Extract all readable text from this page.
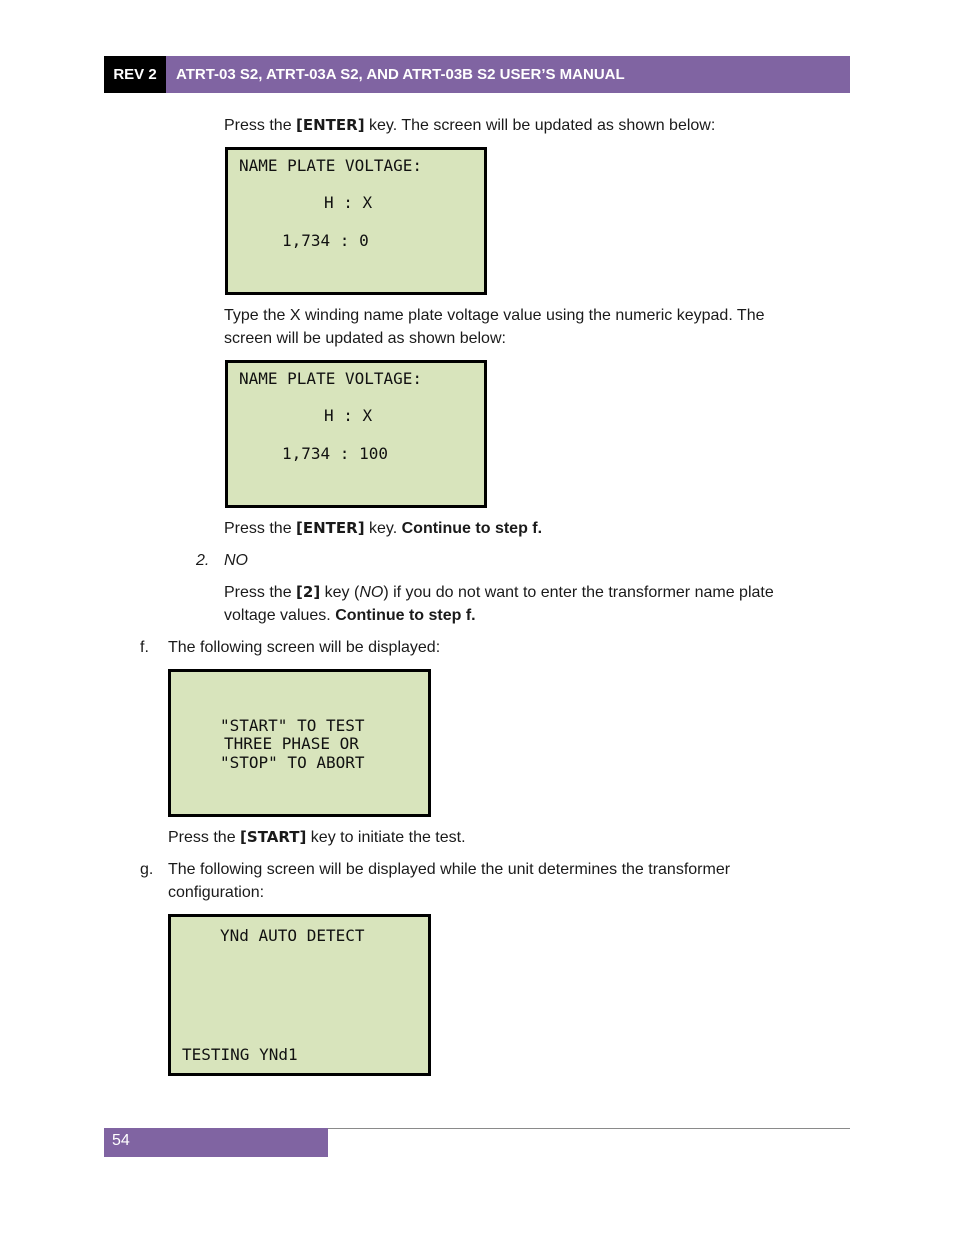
REV 2	ATRT-03 S2, ATRT-03A S2, AND ATRT-03B S2 USER’S MANUAL

Press the [ENTER] key. The screen will be updated as shown below:

NAME PLATE VOLTAGE:
H : X
1,734 : 0

Type the X winding name plate voltage value using the numeric keypad. The
screen will be updated as shown below:

NAME PLATE VOLTAGE:
H : X
1,734 : 100

Press the [ENTER] key. Continue to step f.

2. NO

Press the [2] key (NO) if you do not want to enter the transformer name plate
voltage values. Continue to step f.

f. The following screen will be displayed:

"START" TO TEST
THREE PHASE OR
"STOP" TO ABORT

Press the [START] key to initiate the test.

g. The following screen will be displayed while the unit determines the transformer
configuration:

YNd AUTO DETECT
TESTING YNd1
54
